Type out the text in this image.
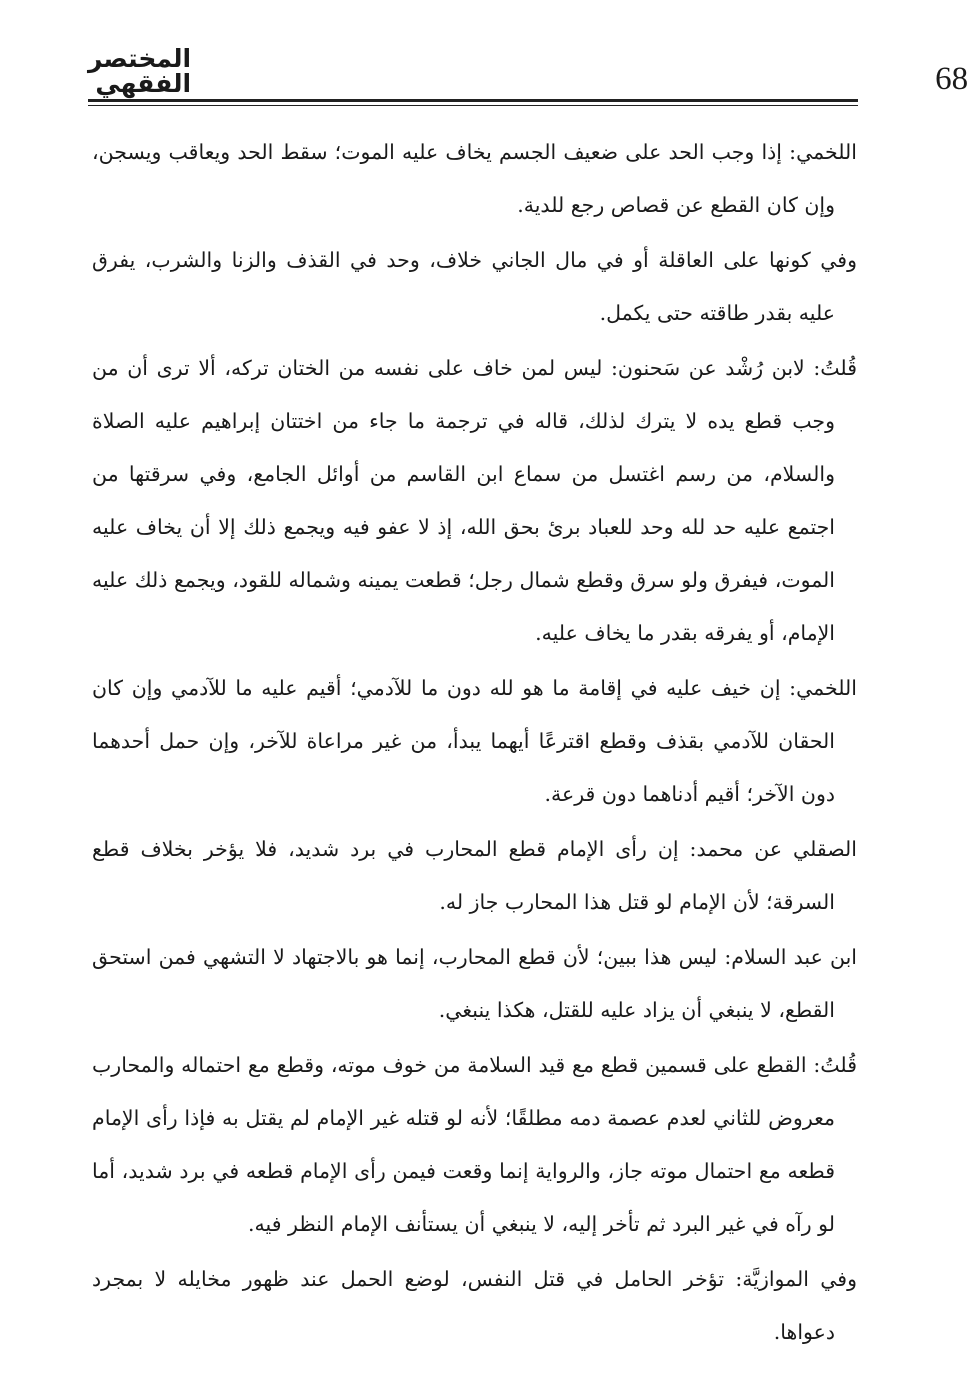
المختصر الفقهي	68

اللخمي: إذا وجب الحد على ضعيف الجسم يخاف عليه الموت؛ سقط الحد ويعاقب ويسجن، وإن كان القطع عن قصاص رجع للدية.

وفي كونها على العاقلة أو في مال الجاني خلاف، وحد في القذف والزنا والشرب، يفرق عليه بقدر طاقته حتى يكمل.

قُلتُ: لابن رُشْد عن سَحنون: ليس لمن خاف على نفسه من الختان تركه، ألا ترى أن من وجب قطع يده لا يترك لذلك، قاله في ترجمة ما جاء من اختتان إبراهيم عليه الصلاة والسلام، من رسم اغتسل من سماع ابن القاسم من أوائل الجامع، وفي سرقتها من اجتمع عليه حد لله وحد للعباد برئ بحق الله، إذ لا عفو فيه ويجمع ذلك إلا أن يخاف عليه الموت، فيفرق ولو سرق وقطع شمال رجل؛ قطعت يمينه وشماله للقود، ويجمع ذلك عليه الإمام، أو يفرقه بقدر ما يخاف عليه.

اللخمي: إن خيف عليه في إقامة ما هو لله دون ما للآدمي؛ أقيم عليه ما للآدمي وإن كان الحقان للآدمي بقذف وقطع اقترعًا أيهما يبدأ، من غير مراعاة للآخر، وإن حمل أحدهما دون الآخر؛ أقيم أدناهما دون قرعة.

الصقلي عن محمد: إن رأى الإمام قطع المحارب في برد شديد، فلا يؤخر بخلاف قطع السرقة؛ لأن الإمام لو قتل هذا المحارب جاز له.

ابن عبد السلام: ليس هذا ببين؛ لأن قطع المحارب، إنما هو بالاجتهاد لا التشهي فمن استحق القطع، لا ينبغي أن يزاد عليه للقتل، هكذا ينبغي.

قُلتُ: القطع على قسمين قطع مع قيد السلامة من خوف موته، وقطع مع احتماله والمحارب معروض للثاني لعدم عصمة دمه مطلقًا؛ لأنه لو قتله غير الإمام لم يقتل به فإذا رأى الإمام قطعه مع احتمال موته جاز، والرواية إنما وقعت فيمن رأى الإمام قطعه في برد شديد، أما لو رآه في غير البرد ثم تأخر إليه، لا ينبغي أن يستأنف الإمام النظر فيه.

وفي الموازيَّة: تؤخر الحامل في قتل النفس، لوضع الحمل عند ظهور مخايله لا بمجرد دعواها.
